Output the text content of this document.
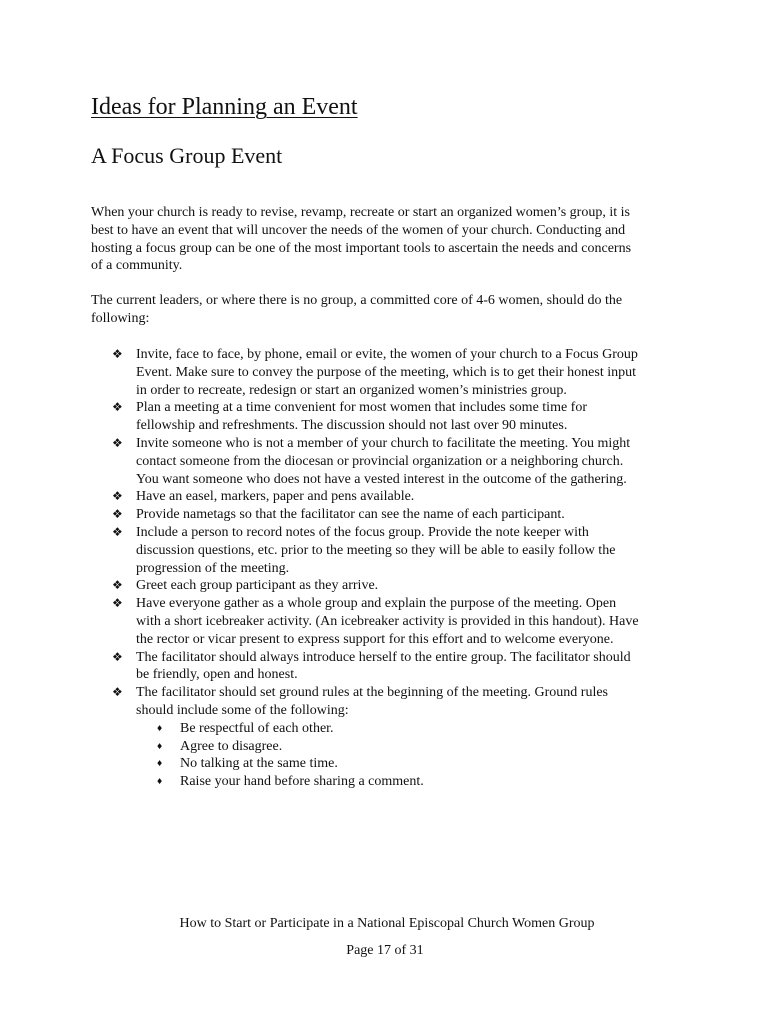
Ideas for Planning an Event
A Focus Group Event

When your church is ready to revise, revamp, recreate or start an organized women’s group, it is
best to have an event that will uncover the needs of the women of your church. Conducting and
hosting a focus group can be one of the most important tools to ascertain the needs and concerns
of a community.

The current leaders, or where there is no group, a committed core of 4-6 women, should do the
following:

❖ Invite, face to face, by phone, email or evite, the women of your church to a Focus Group
Event. Make sure to convey the purpose of the meeting, which is to get their honest input
in order to recreate, redesign or start an organized women’s ministries group.
❖ Plan a meeting at a time convenient for most women that includes some time for
fellowship and refreshments. The discussion should not last over 90 minutes.
❖ Invite someone who is not a member of your church to facilitate the meeting. You might
contact someone from the diocesan or provincial organization or a neighboring church.
You want someone who does not have a vested interest in the outcome of the gathering.
❖ Have an easel, markers, paper and pens available.
❖ Provide nametags so that the facilitator can see the name of each participant.
❖ Include a person to record notes of the focus group. Provide the note keeper with
discussion questions, etc. prior to the meeting so they will be able to easily follow the
progression of the meeting.
❖ Greet each group participant as they arrive.
❖ Have everyone gather as a whole group and explain the purpose of the meeting. Open
with a short icebreaker activity. (An icebreaker activity is provided in this handout). Have
the rector or vicar present to express support for this effort and to welcome everyone.
❖ The facilitator should always introduce herself to the entire group. The facilitator should
be friendly, open and honest.
❖ The facilitator should set ground rules at the beginning of the meeting. Ground rules
should include some of the following:
♦ Be respectful of each other.
♦ Agree to disagree.
♦ No talking at the same time.
♦ Raise your hand before sharing a comment.

How to Start or Participate in a National Episcopal Church Women Group

Page 17 of 31
